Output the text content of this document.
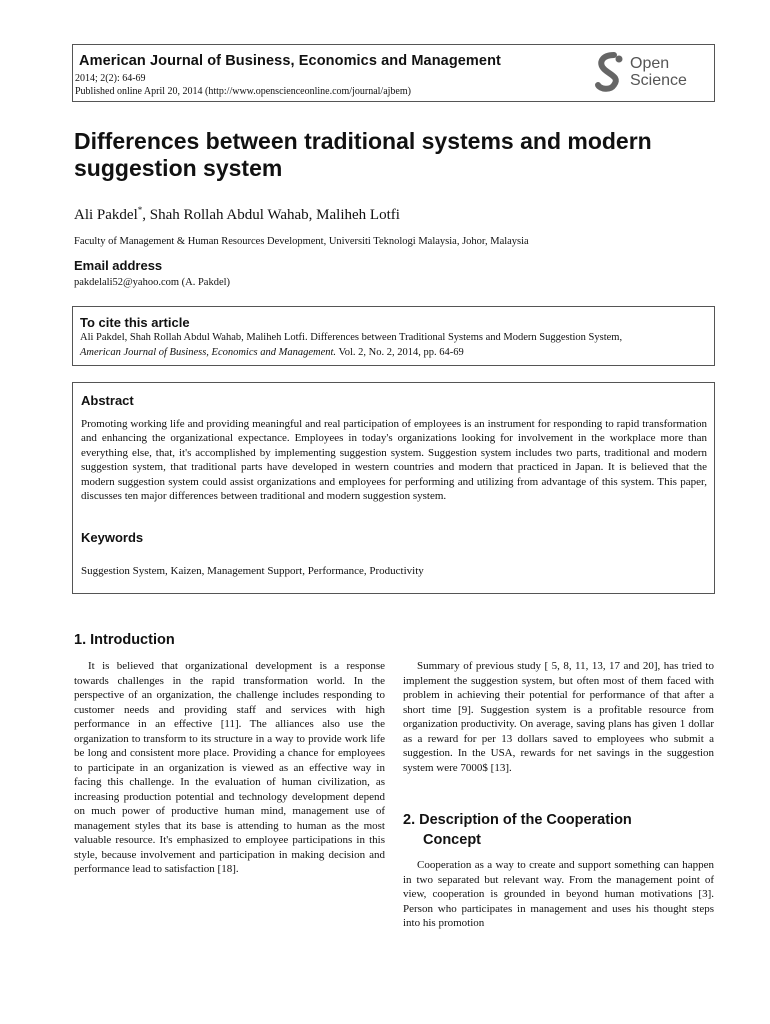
American Journal of Business, Economics and Management
2014; 2(2): 64-69
Published online April 20, 2014 (http://www.openscienceonline.com/journal/ajbem)
Open
Science
Differences between traditional systems and modern suggestion system
Ali Pakdel*, Shah Rollah Abdul Wahab, Maliheh Lotfi
Faculty of Management & Human Resources Development, Universiti Teknologi Malaysia, Johor, Malaysia
Email address
pakdelali52@yahoo.com (A. Pakdel)
To cite this article
Ali Pakdel, Shah Rollah Abdul Wahab, Maliheh Lotfi. Differences between Traditional Systems and Modern Suggestion System,
American Journal of Business, Economics and Management. Vol. 2, No. 2, 2014, pp. 64-69
Abstract
Promoting working life and providing meaningful and real participation of employees is an instrument for responding to rapid transformation and enhancing the organizational expectance. Employees in today's organizations looking for involvement in the workplace more than everything else, that, it's accomplished by implementing suggestion system. Suggestion system includes two parts, traditional and modern suggestion system, that traditional parts have developed in western countries and modern that practiced in Japan. It is believed that the modern suggestion system could assist organizations and employees for performing and utilizing from advantage of this system. This paper, discusses ten major differences between traditional and modern suggestion system.
Keywords
Suggestion System, Kaizen, Management Support, Performance, Productivity
1. Introduction

It is believed that organizational development is a response towards challenges in the rapid transformation world. In the perspective of an organization, the challenge includes responding to customer needs and providing staff and services with high performance in an effective [11]. The alliances also use the organization to transform to its structure in a way to provide work life be long and consistent more place. Providing a chance for employees to participate in an organization is viewed as an effective way in facing this challenge. In the evaluation of human civilization, as increasing production potential and technology development depend on much power of productive human mind, management use of management styles that its base is attending to human as the most valuable resource. It's emphasized to employee participations in this style, because involvement and participation in making decision and performance lead to satisfaction [18].

Summary of previous study [ 5, 8, 11, 13, 17 and 20], has tried to implement the suggestion system, but often most of them faced with problem in achieving their potential for performance of that after a short time [9]. Suggestion system is a profitable resource from organization productivity. On average, saving plans has given 1 dollar as a reward for per 13 dollars saved to employees who submit a suggestion. In the USA, rewards for net savings in the suggestion system were 7000$ [13].

2. Description of the Cooperation
Concept

Cooperation as a way to create and support something can happen in two separated but relevant way. From the management point of view, cooperation is grounded in beyond human motivations [3]. Person who participates in management and uses his thought steps into his promotion
